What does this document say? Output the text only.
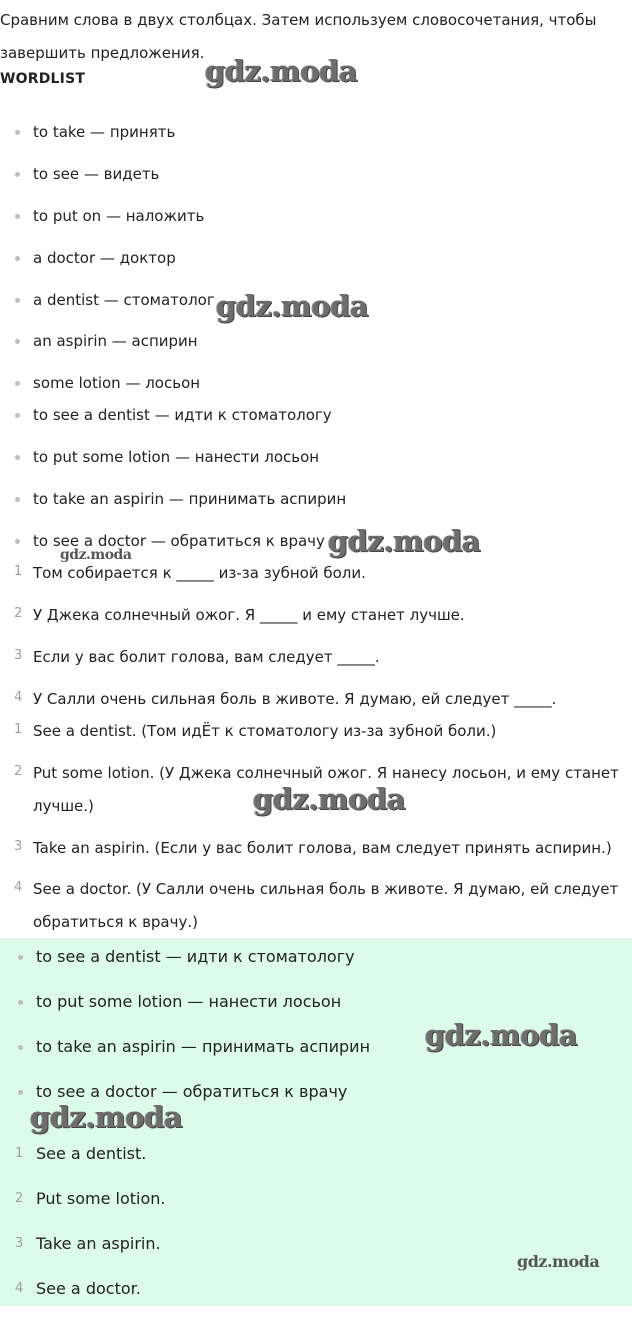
Сравним слова в двух столбцах. Затем используем словосочетания, чтобы
завершить предложения.
WORDLIST
to take — принять
to see — видеть
to put on — наложить
a doctor — доктор
a dentist — стоматолог
an aspirin — аспирин
some lotion — лосьон
to see a dentist — идти к стоматологу
to put some lotion — нанести лосьон
to take an aspirin — принимать аспирин
to see a doctor — обратиться к врачу
1 Том собирается к _____ из-за зубной боли.
2 У Джека солнечный ожог. Я _____ и ему станет лучше.
3 Если у вас болит голова, вам следует _____.
4 У Салли очень сильная боль в животе. Я думаю, ей следует _____.
1 See a dentist. (Том идЁт к стоматологу из-за зубной боли.)
2 Put some lotion. (У Джека солнечный ожог. Я нанесу лосьон, и ему станет
лучше.)
3 Take an aspirin. (Если у вас болит голова, вам следует принять аспирин.)
4 See a doctor. (У Салли очень сильная боль в животе. Я думаю, ей следует
обратиться к врачу.)
to see a dentist — идти к стоматологу
to put some lotion — нанести лосьон
to take an aspirin — принимать аспирин
to see a doctor — обратиться к врачу
1 See a dentist.
2 Put some lotion.
3 Take an aspirin.
4 See a doctor.
gdz.moda
gdz.moda
gdz.moda
gdz.moda
gdz.moda
gdz.moda
gdz.moda
gdz.moda
